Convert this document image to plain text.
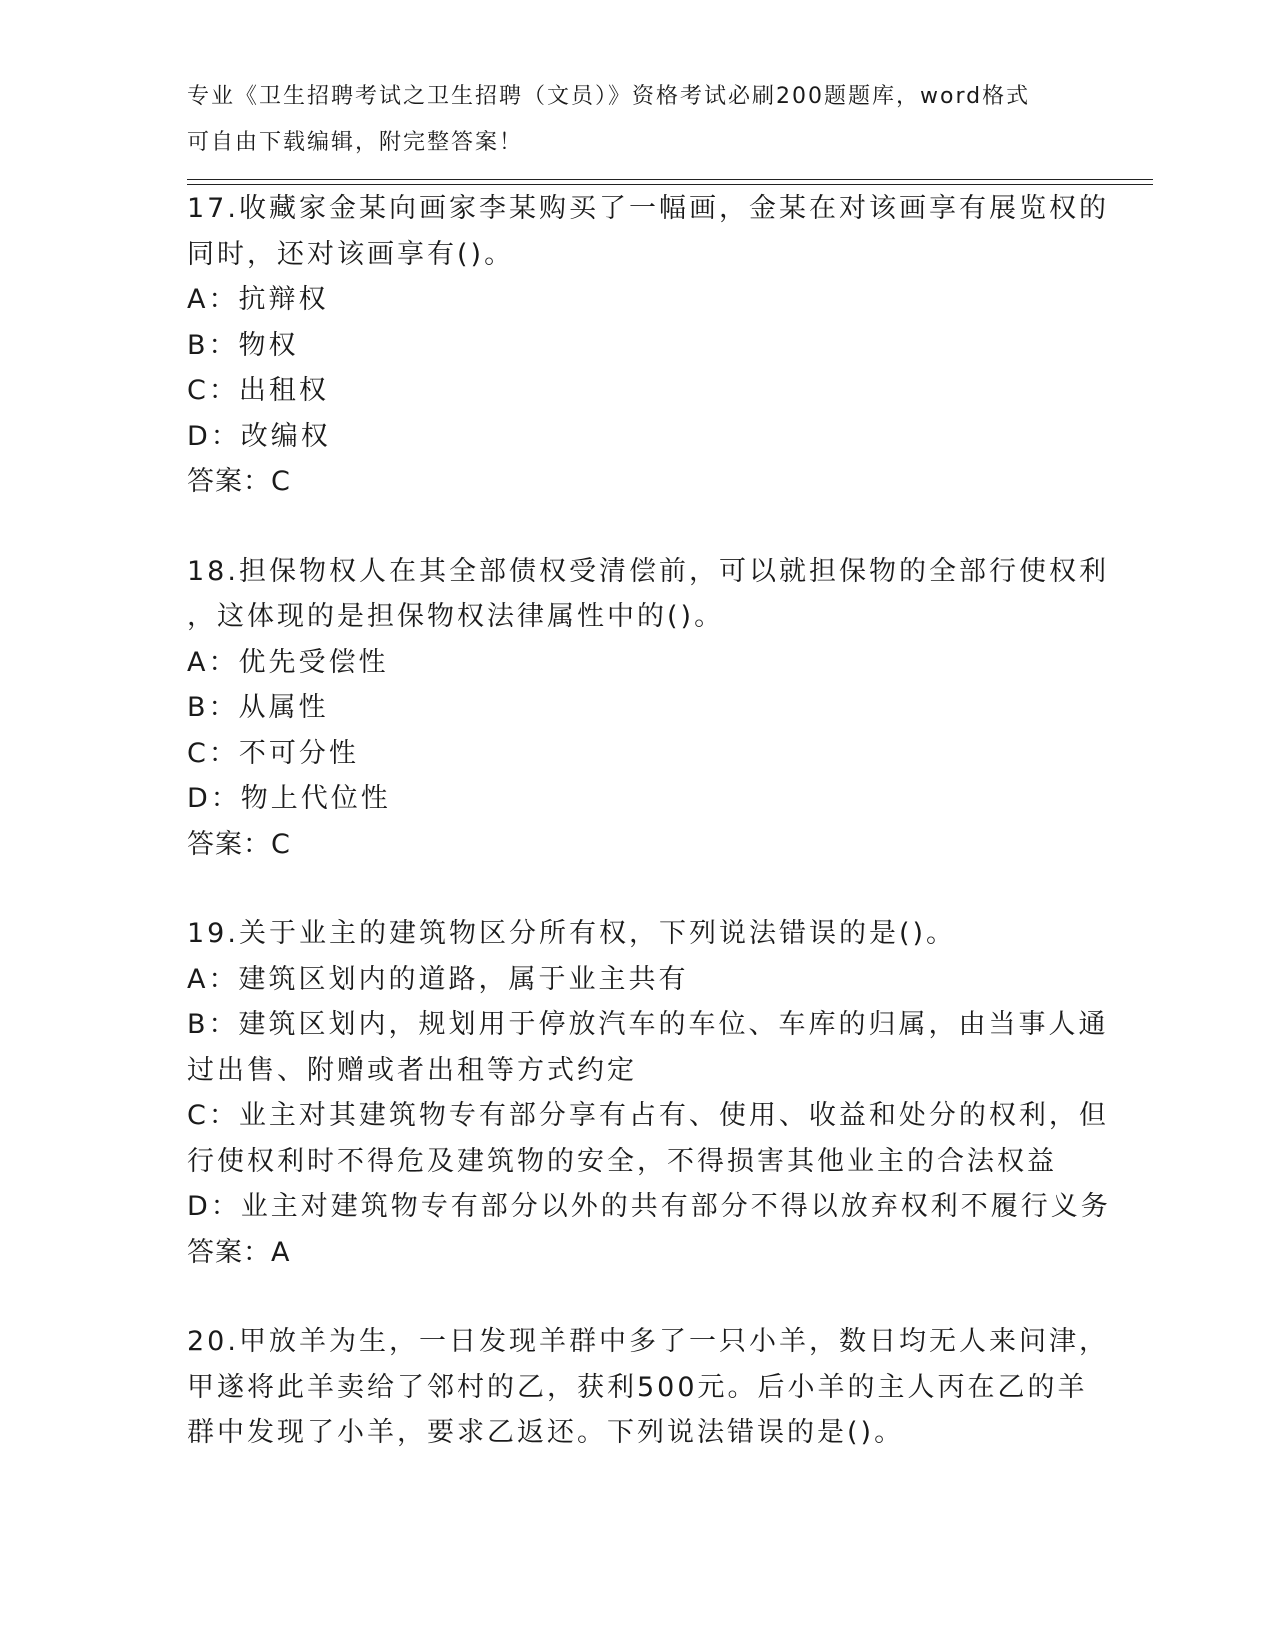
专业《卫生招聘考试之卫生招聘（文员）》资格考试必刷200题题库，word格式
可自由下载编辑，附完整答案！
17.收藏家金某向画家李某购买了一幅画，金某在对该画享有展览权的
同时，还对该画享有()。
A：抗辩权
B：物权
C：出租权
D：改编权
答案：C
18.担保物权人在其全部债权受清偿前，可以就担保物的全部行使权利
，这体现的是担保物权法律属性中的()。
A：优先受偿性
B：从属性
C：不可分性
D：物上代位性
答案：C
19.关于业主的建筑物区分所有权，下列说法错误的是()。
A：建筑区划内的道路，属于业主共有
B：建筑区划内，规划用于停放汽车的车位、车库的归属，由当事人通
过出售、附赠或者出租等方式约定
C：业主对其建筑物专有部分享有占有、使用、收益和处分的权利，但
行使权利时不得危及建筑物的安全，不得损害其他业主的合法权益
D：业主对建筑物专有部分以外的共有部分不得以放弃权利不履行义务
答案：A
20.甲放羊为生，一日发现羊群中多了一只小羊，数日均无人来问津，
甲遂将此羊卖给了邻村的乙，获利500元。后小羊的主人丙在乙的羊
群中发现了小羊，要求乙返还。下列说法错误的是()。
